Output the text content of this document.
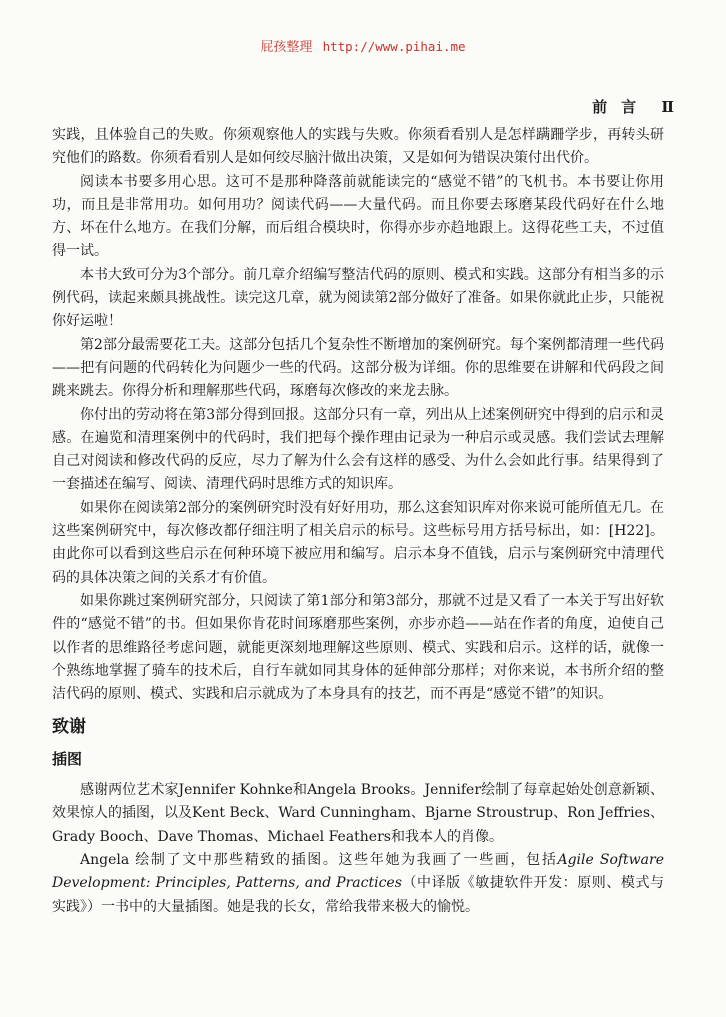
屁孩整理 http://www.pihai.me
前言 Ⅱ

实践，且体验自己的失败。你须观察他人的实践与失败。你须看看别人是怎样蹒跚学步，再转头研究他们的路数。你须看看别人是如何绞尽脑汁做出决策，又是如何为错误决策付出代价。

阅读本书要多用心思。这可不是那种降落前就能读完的“感觉不错”的飞机书。本书要让你用功，而且是非常用功。如何用功？阅读代码——大量代码。而且你要去琢磨某段代码好在什么地方、坏在什么地方。在我们分解，而后组合模块时，你得亦步亦趋地跟上。这得花些工夫，不过值得一试。

本书大致可分为3个部分。前几章介绍编写整洁代码的原则、模式和实践。这部分有相当多的示例代码，读起来颇具挑战性。读完这几章，就为阅读第2部分做好了准备。如果你就此止步，只能祝你好运啦！

第2部分最需要花工夫。这部分包括几个复杂性不断增加的案例研究。每个案例都清理一些代码——把有问题的代码转化为问题少一些的代码。这部分极为详细。你的思维要在讲解和代码段之间跳来跳去。你得分析和理解那些代码，琢磨每次修改的来龙去脉。

你付出的劳动将在第3部分得到回报。这部分只有一章，列出从上述案例研究中得到的启示和灵感。在遍览和清理案例中的代码时，我们把每个操作理由记录为一种启示或灵感。我们尝试去理解自己对阅读和修改代码的反应，尽力了解为什么会有这样的感受、为什么会如此行事。结果得到了一套描述在编写、阅读、清理代码时思维方式的知识库。

如果你在阅读第2部分的案例研究时没有好好用功，那么这套知识库对你来说可能所值无几。在这些案例研究中，每次修改都仔细注明了相关启示的标号。这些标号用方括号标出，如：[H22]。由此你可以看到这些启示在何种环境下被应用和编写。启示本身不值钱，启示与案例研究中清理代码的具体决策之间的关系才有价值。

如果你跳过案例研究部分，只阅读了第1部分和第3部分，那就不过是又看了一本关于写出好软件的“感觉不错”的书。但如果你肯花时间琢磨那些案例，亦步亦趋——站在作者的角度，迫使自己以作者的思维路径考虑问题，就能更深刻地理解这些原则、模式、实践和启示。这样的话，就像一个熟练地掌握了骑车的技术后，自行车就如同其身体的延伸部分那样；对你来说，本书所介绍的整洁代码的原则、模式、实践和启示就成为了本身具有的技艺，而不再是“感觉不错”的知识。

致谢
插图

感谢两位艺术家Jennifer Kohnke和Angela Brooks。Jennifer绘制了每章起始处创意新颖、效果惊人的插图，以及Kent Beck、Ward Cunningham、Bjarne Stroustrup、Ron Jeffries、Grady Booch、Dave Thomas、Michael Feathers和我本人的肖像。

Angela 绘制了文中那些精致的插图。这些年她为我画了一些画，包括Agile Software Development: Principles, Patterns, and Practices（中译版《敏捷软件开发：原则、模式与实践》）一书中的大量插图。她是我的长女，常给我带来极大的愉悦。
